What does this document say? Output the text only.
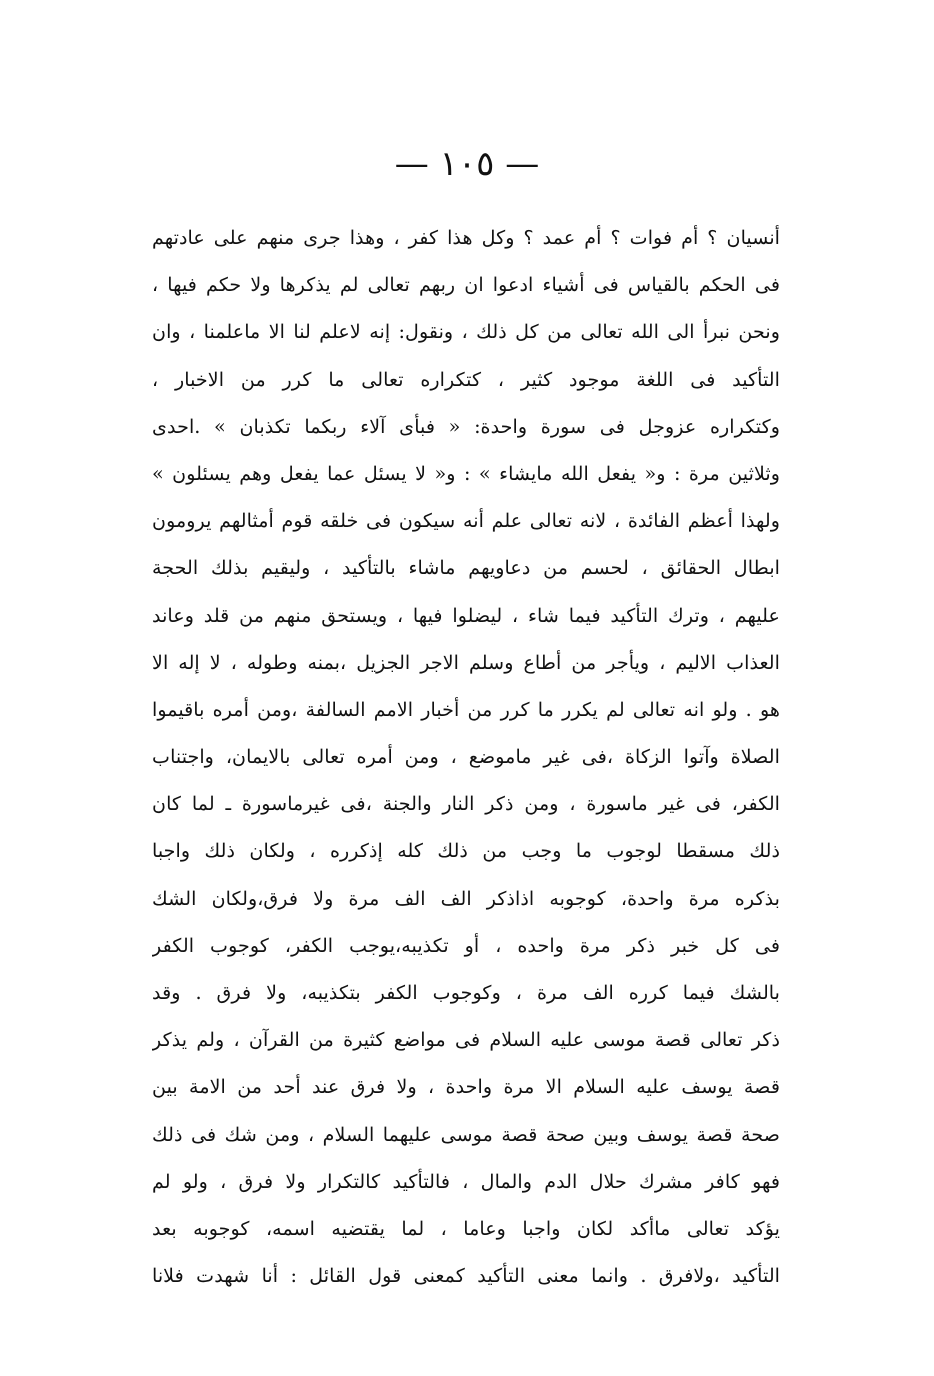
— ١٠٥ —
أنسيان ؟ أم فوات ؟ أم عمد ؟ وكل هذا كفر ، وهذا جرى منهم على عادتهم
فى الحكم بالقياس فى أشياء ادعوا ان ربهم تعالى لم يذكرها ولا حكم فيها ،
ونحن نبرأ الى الله تعالى من كل ذلك ، ونقول: إنه لاعلم لنا الا ماعلمنا ، وان
التأكيد فى اللغة موجود كثير ، كتكراره تعالى ما كرر من الاخبار ،
وكتكراره عزوجل فى سورة واحدة: « فبأى آلاء ربكما تكذبان » .احدى
وثلاثين مرة : و« يفعل الله مايشاء » : و« لا يسئل عما يفعل وهم يسئلون »
ولهذا أعظم الفائدة ، لانه تعالى علم أنه سيكون فى خلقه قوم أمثالهم يرومون
ابطال الحقائق ، لحسم من دعاويهم ماشاء بالتأكيد ، وليقيم بذلك الحجة
عليهم ، وترك التأكيد فيما شاء ، ليضلوا فيها ، ويستحق منهم من قلد وعاند
العذاب الاليم ، ويأجر من أطاع وسلم الاجر الجزيل ،بمنه وطوله ، لا إله الا
هو . ولو انه تعالى لم يكرر ما كرر من أخبار الامم السالفة ،ومن أمره باقيموا
الصلاة وآتوا الزكاة ،فى غير ماموضع ، ومن أمره تعالى بالايمان، واجتناب
الكفر، فى غير ماسورة ، ومن ذكر النار والجنة ،فى غيرماسورة ـ لما كان
ذلك مسقطا لوجوب ما وجب من ذلك كله إذكرره ، ولكان ذلك واجبا
بذكره مرة واحدة، كوجوبه اذاذكر الف الف مرة ولا فرق،ولكان الشك
فى كل خبر ذكر مرة واحده ، أو تكذيبه،يوجب الكفر، كوجوب الكفر
بالشك فيما كرره الف مرة ، وكوجوب الكفر بتكذيبه، ولا فرق . وقد
ذكر تعالى قصة موسى عليه السلام فى مواضع كثيرة من القرآن ، ولم يذكر
قصة يوسف عليه السلام الا مرة واحدة ، ولا فرق عند أحد من الامة بين
صحة قصة يوسف وبين صحة قصة موسى عليهما السلام ، ومن شك فى ذلك
فهو كافر مشرك حلال الدم والمال ، فالتأكيد كالتكرار ولا فرق ، ولو لم
يؤكد تعالى ماأكد لكان واجبا وعاما ، لما يقتضيه اسمه، كوجوبه بعد
التأكيد ،ولافرق . وانما معنى التأكيد كمعنى قول القائل : أنا شهدت فلانا
